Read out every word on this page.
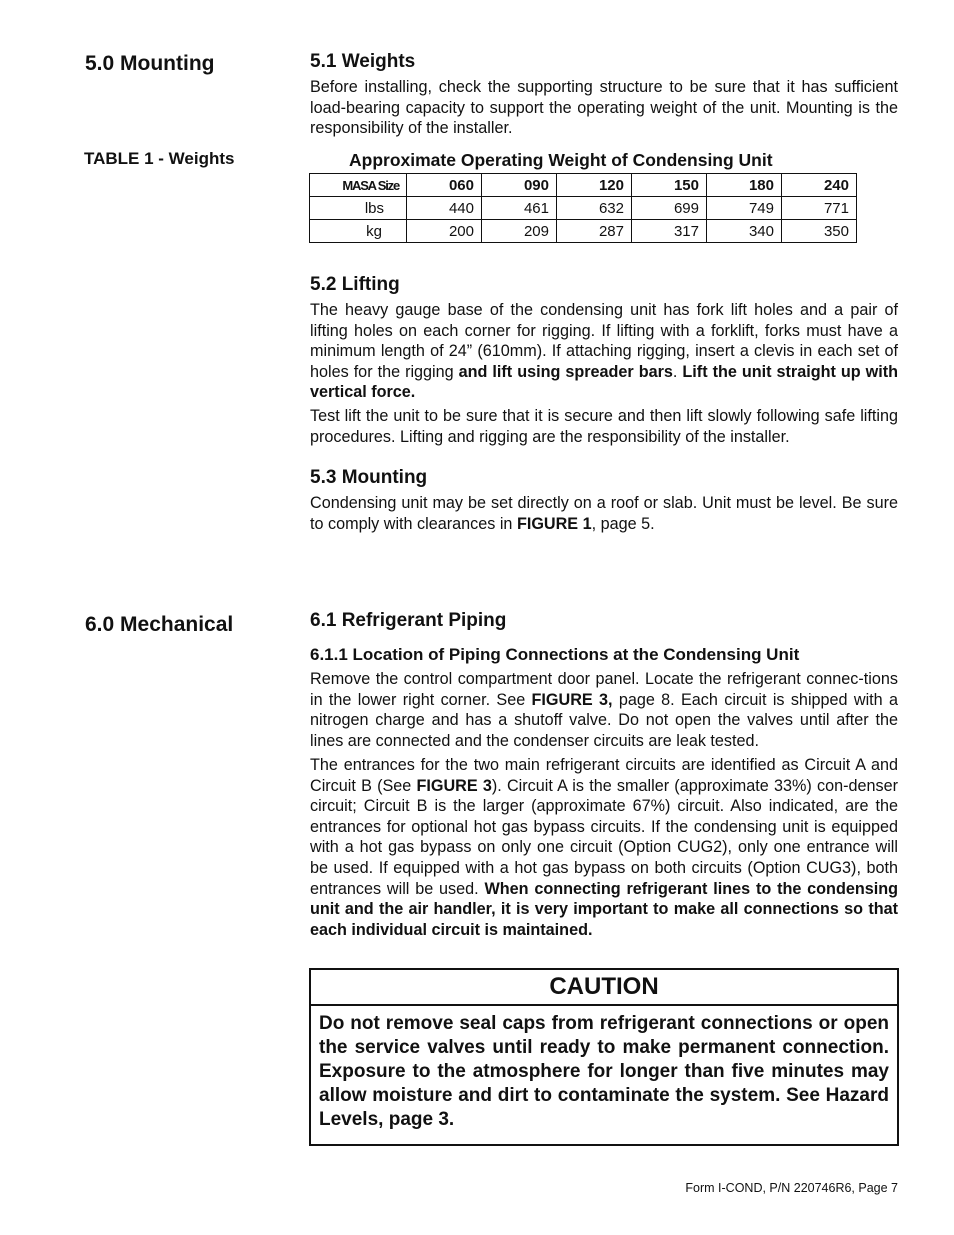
5.0 Mounting
TABLE 1 - Weights
6.0 Mechanical
5.1 Weights

Before installing, check the supporting structure to be sure that it has sufficient load-bearing capacity to support the operating weight of the unit. Mounting is the responsibility of the installer.

Approximate Operating Weight of Condensing Unit
MASA Size	060	090	120	150	180	240
lbs	440	461	632	699	749	771
kg	200	209	287	317	340	350
5.2 Lifting

The heavy gauge base of the condensing unit has fork lift holes and a pair of lifting holes on each corner for rigging. If lifting with a forklift, forks must have a minimum length of 24” (610mm). If attaching rigging, insert a clevis in each set of holes for the rigging and lift using spreader bars. Lift the unit straight up with vertical force.

Test lift the unit to be sure that it is secure and then lift slowly following safe lifting procedures. Lifting and rigging are the responsibility of the installer.

5.3 Mounting

Condensing unit may be set directly on a roof or slab. Unit must be level. Be sure to comply with clearances in FIGURE 1, page 5.

6.1 Refrigerant Piping
6.1.1 Location of Piping Connections at the Condensing Unit

Remove the control compartment door panel. Locate the refrigerant connec-tions in the lower right corner. See FIGURE 3, page 8. Each circuit is shipped with a nitrogen charge and has a shutoff valve. Do not open the valves until after the lines are connected and the condenser circuits are leak tested.

The entrances for the two main refrigerant circuits are identified as Circuit A and Circuit B (See FIGURE 3). Circuit A is the smaller (approximate 33%) con-denser circuit; Circuit B is the larger (approximate 67%) circuit. Also indicated, are the entrances for optional hot gas bypass circuits. If the condensing unit is equipped with a hot gas bypass on only one circuit (Option CUG2), only one entrance will be used. If equipped with a hot gas bypass on both circuits (Option CUG3), both entrances will be used. When connecting refrigerant lines to the condensing unit and the air handler, it is very important to make all connections so that each individual circuit is maintained.

CAUTION
Do not remove seal caps from refrigerant connections or open the service valves until ready to make permanent connection. Exposure to the atmosphere for longer than five minutes may allow moisture and dirt to contaminate the system. See Hazard Levels, page 3.
Form I-COND, P/N 220746R6, Page 7
